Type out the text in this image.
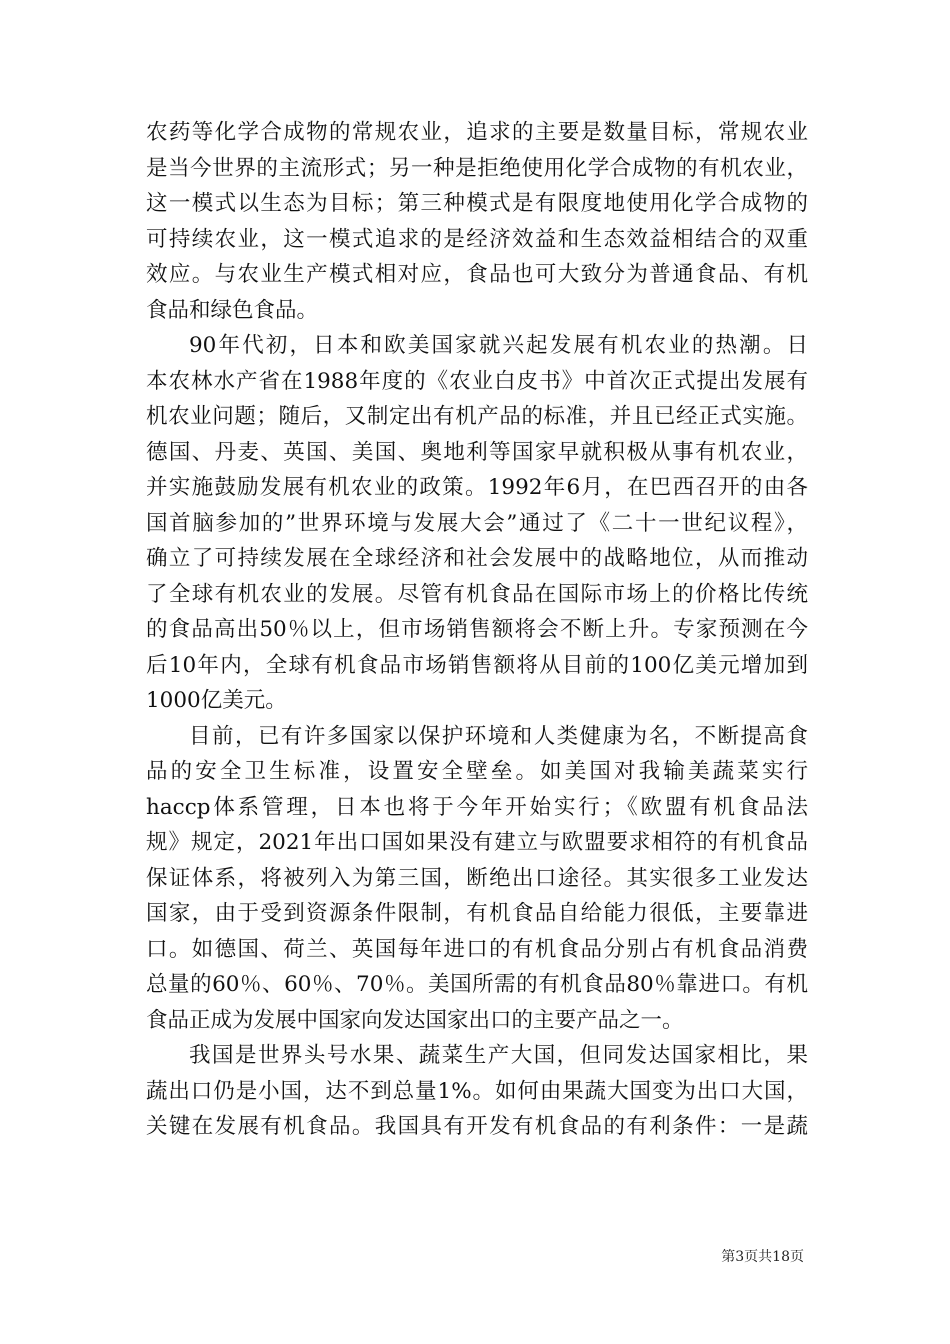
农药等化学合成物的常规农业，追求的主要是数量目标，常规农业
是当今世界的主流形式；另一种是拒绝使用化学合成物的有机农业，
这一模式以生态为目标；第三种模式是有限度地使用化学合成物的
可持续农业，这一模式追求的是经济效益和生态效益相结合的双重
效应。与农业生产模式相对应，食品也可大致分为普通食品、有机
食品和绿色食品。
90年代初，日本和欧美国家就兴起发展有机农业的热潮。日
本农林水产省在1988年度的《农业白皮书》中首次正式提出发展有
机农业问题；随后，又制定出有机产品的标准，并且已经正式实施。
德国、丹麦、英国、美国、奥地利等国家早就积极从事有机农业，
并实施鼓励发展有机农业的政策。1992年6月，在巴西召开的由各
国首脑参加的”世界环境与发展大会”通过了《二十一世纪议程》，
确立了可持续发展在全球经济和社会发展中的战略地位，从而推动
了全球有机农业的发展。尽管有机食品在国际市场上的价格比传统
的食品高出50％以上，但市场销售额将会不断上升。专家预测在今
后10年内，全球有机食品市场销售额将从目前的100亿美元增加到
1000亿美元。
目前，已有许多国家以保护环境和人类健康为名，不断提高食
品的安全卫生标准，设置安全壁垒。如美国对我输美蔬菜实行
haccp体系管理，日本也将于今年开始实行；《欧盟有机食品法
规》规定，2021年出口国如果没有建立与欧盟要求相符的有机食品
保证体系，将被列入为第三国，断绝出口途径。其实很多工业发达
国家，由于受到资源条件限制，有机食品自给能力很低，主要靠进
口。如德国、荷兰、英国每年进口的有机食品分别占有机食品消费
总量的60％、60％、70％。美国所需的有机食品80％靠进口。有机
食品正成为发展中国家向发达国家出口的主要产品之一。
我国是世界头号水果、蔬菜生产大国，但同发达国家相比，果
蔬出口仍是小国，达不到总量1%。如何由果蔬大国变为出口大国，
关键在发展有机食品。我国具有开发有机食品的有利条件：一是蔬
第3页共18页
